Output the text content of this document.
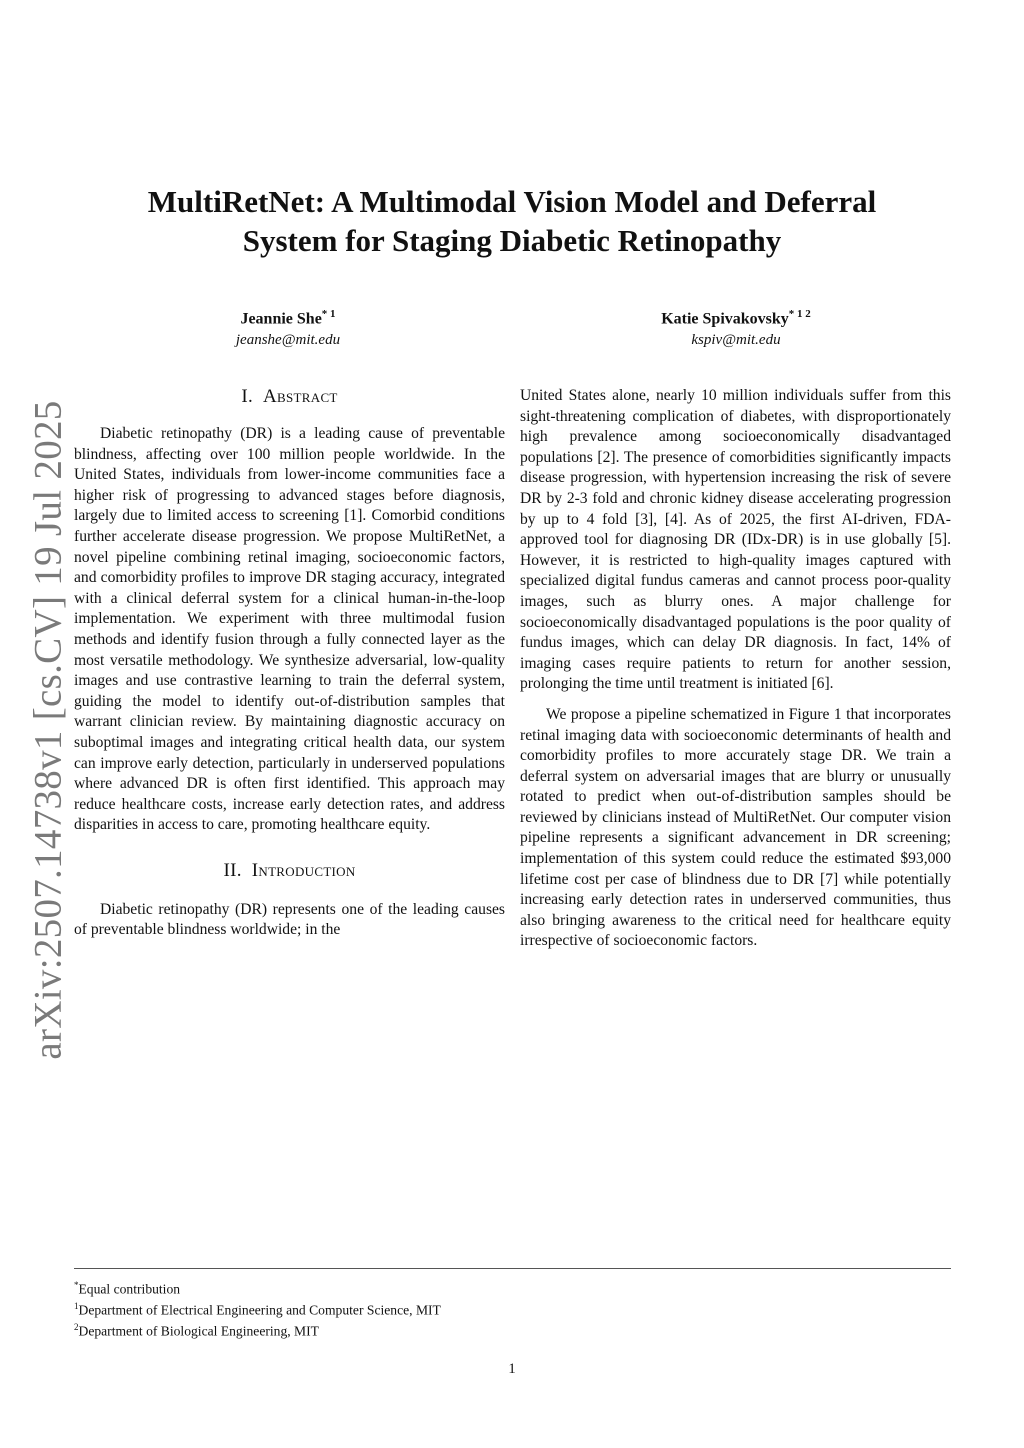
arXiv:2507.14738v1 [cs.CV] 19 Jul 2025
MultiRetNet: A Multimodal Vision Model and Deferral
System for Staging Diabetic Retinopathy
Jeannie She$^{* 1}$
jeanshe@mit.edu
Katie Spivakovsky$^{* 1 2}$
kspiv@mit.edu
I. Abstract

Diabetic retinopathy (DR) is a leading cause of preventable blindness, affecting over 100 million people worldwide. In the United States, individuals from lower-income communities face a higher risk of progressing to advanced stages before diagnosis, largely due to limited access to screening [1]. Comorbid conditions further accelerate disease progression. We propose MultiRetNet, a novel pipeline combining retinal imaging, socioeconomic factors, and comorbidity profiles to improve DR staging accuracy, integrated with a clinical deferral system for a clinical human-in-the-loop implementation. We experiment with three multimodal fusion methods and identify fusion through a fully connected layer as the most versatile methodology. We synthesize adversarial, low-quality images and use contrastive learning to train the deferral system, guiding the model to identify out-of-distribution samples that warrant clinician review. By maintaining diagnostic accuracy on suboptimal images and integrating critical health data, our system can improve early detection, particularly in underserved populations where advanced DR is often first identified. This approach may reduce healthcare costs, increase early detection rates, and address disparities in access to care, promoting healthcare equity.

II. Introduction

Diabetic retinopathy (DR) represents one of the leading causes of preventable blindness worldwide; in the

United States alone, nearly 10 million individuals suffer from this sight-threatening complication of diabetes, with disproportionately high prevalence among socioeconomically disadvantaged populations [2]. The presence of comorbidities significantly impacts disease progression, with hypertension increasing the risk of severe DR by 2-3 fold and chronic kidney disease accelerating progression by up to 4 fold [3], [4]. As of 2025, the first AI-driven, FDA-approved tool for diagnosing DR (IDx-DR) is in use globally [5]. However, it is restricted to high-quality images captured with specialized digital fundus cameras and cannot process poor-quality images, such as blurry ones. A major challenge for socioeconomically disadvantaged populations is the poor quality of fundus images, which can delay DR diagnosis. In fact, 14% of imaging cases require patients to return for another session, prolonging the time until treatment is initiated [6].

We propose a pipeline schematized in Figure 1 that incorporates retinal imaging data with socioeconomic determinants of health and comorbidity profiles to more accurately stage DR. We train a deferral system on adversarial images that are blurry or unusually rotated to predict when out-of-distribution samples should be reviewed by clinicians instead of MultiRetNet. Our computer vision pipeline represents a significant advancement in DR screening; implementation of this system could reduce the estimated $93,000 lifetime cost per case of blindness due to DR [7] while potentially increasing early detection rates in underserved communities, thus also bringing awareness to the critical need for healthcare equity irrespective of socioeconomic factors.

*Equal contribution
$^1$Department of Electrical Engineering and Computer Science, MIT
$^2$Department of Biological Engineering, MIT
1
